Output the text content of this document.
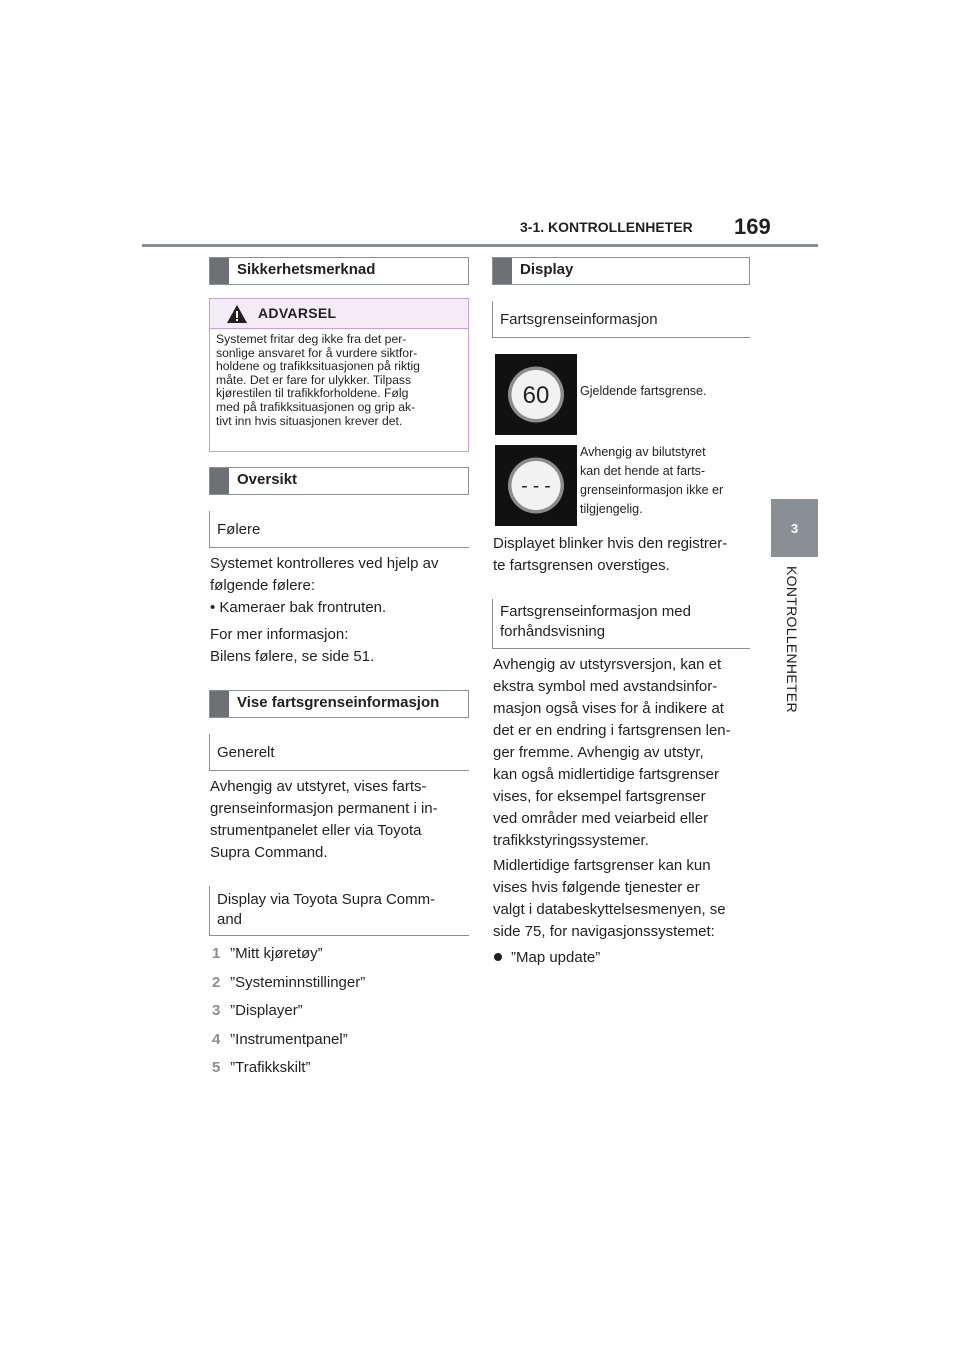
3-1. KONTROLLENHETER 169
3
KONTROLLENHETER
Sikkerhetsmerknad
ADVARSEL
Systemet fritar deg ikke fra det per-
sonlige ansvaret for å vurdere siktfor-
holdene og trafikksituasjonen på riktig
måte. Det er fare for ulykker. Tilpass
kjørestilen til trafikkforholdene. Følg
med på trafikksituasjonen og grip ak-
tivt inn hvis situasjonen krever det.
Oversikt
Følere
Systemet kontrolleres ved hjelp av
følgende følere:
• Kameraer bak frontruten.
For mer informasjon:
Bilens følere, se side 51.
Vise fartsgrenseinformasjon
Generelt
Avhengig av utstyret, vises farts-
grenseinformasjon permanent i in-
strumentpanelet eller via Toyota
Supra Command.
Display via Toyota Supra Comm-
and
1 ”Mitt kjøretøy”
2 ”Systeminnstillinger”
3 ”Displayer”
4 ”Instrumentpanel”
5 ”Trafikkskilt”
Display
Fartsgrenseinformasjon
60 Gjeldende fartsgrense.
- - -
Avhengig av bilutstyret
kan det hende at farts-
grenseinformasjon ikke er
tilgjengelig.
Displayet blinker hvis den registrer-
te fartsgrensen overstiges.
Fartsgrenseinformasjon med
forhåndsvisning
Avhengig av utstyrsversjon, kan et
ekstra symbol med avstandsinfor-
masjon også vises for å indikere at
det er en endring i fartsgrensen len-
ger fremme. Avhengig av utstyr,
kan også midlertidige fartsgrenser
vises, for eksempel fartsgrenser
ved områder med veiarbeid eller
trafikkstyringssystemer.
Midlertidige fartsgrenser kan kun
vises hvis følgende tjenester er
valgt i databeskyttelsesmenyen, se
side 75, for navigasjonssystemet:
”Map update”
